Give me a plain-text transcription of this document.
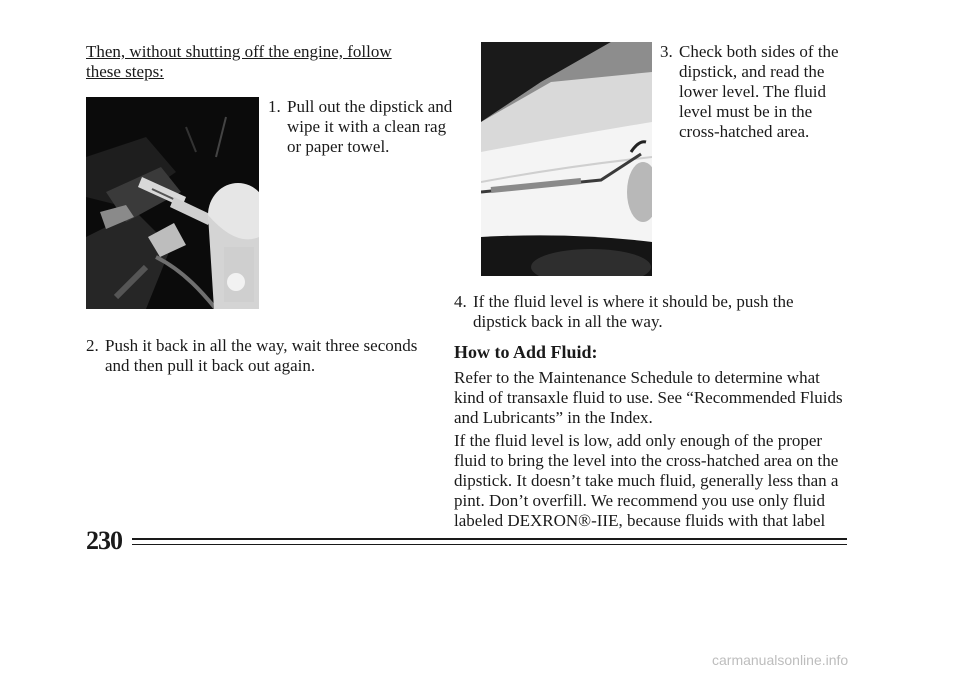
Then, without shutting off the engine, follow these steps:
1. Pull out the dipstick and wipe it with a clean rag or paper towel.
2. Push it back in all the way, wait three seconds and then pull it back out again.
3. Check both sides of the dipstick, and read the lower level. The fluid level must be in the cross-hatched area.
4. If the fluid level is where it should be, push the dipstick back in all the way.
How to Add Fluid:
Refer to the Maintenance Schedule to determine what kind of transaxle fluid to use. See “Recommended Fluids and Lubricants” in the Index.
If the fluid level is low, add only enough of the proper fluid to bring the level into the cross-hatched area on the dipstick. It doesn’t take much fluid, generally less than a pint. Don’t overfill. We recommend you use only fluid labeled DEXRON®-IIE, because fluids with that label
230
carmanualsonline.info
